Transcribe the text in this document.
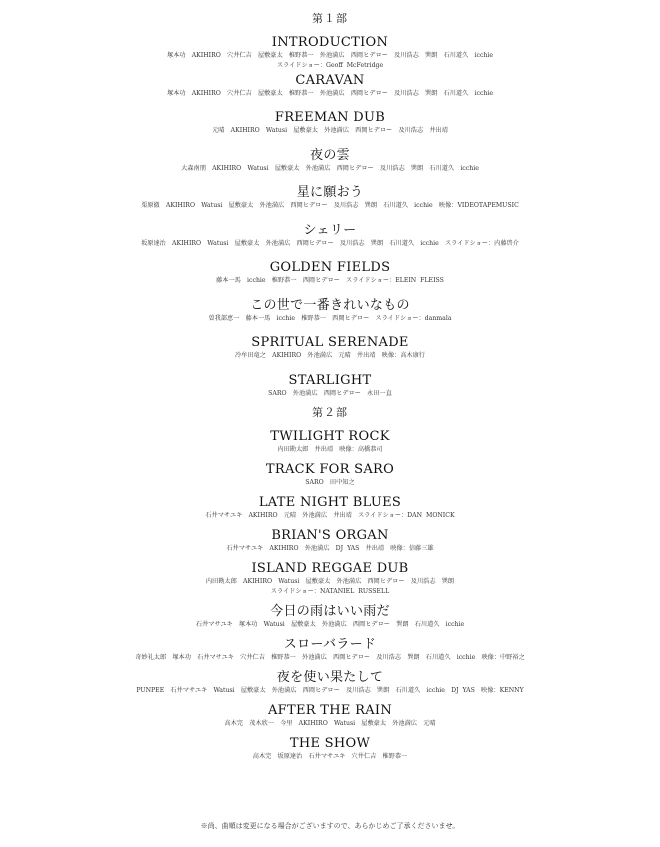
第１部

INTRODUCTION
塚本功　AKIHIRO　穴井仁吉　屋敷豪太　椎野恭一　外池満広　西岡ヒデロー　及川浩志　巽朗　石川道久　icchie
スライドショー：Geoff McFetridge
CARAVAN
塚本功　AKIHIRO　穴井仁吉　屋敷豪太　椎野恭一　外池満広　西岡ヒデロー　及川浩志　巽朗　石川道久　icchie
FREEMAN DUB
元晴　AKIHIRO　Watusi　屋敷豪太　外池満広　西岡ヒデロー　及川浩志　井出靖
夜の雲
大森南朋　AKIHIRO　Watusi　屋敷豪太　外池満広　西岡ヒデロー　及川浩志　巽朗　石川道久　icchie
星に願おう
栗原徹　AKIHIRO　Watusi　屋敷豪太　外池満広　西岡ヒデロー　及川浩志　巽朗　石川道久　icchie　映像：VIDEOTAPEMUSIC
シェリー
坂原達治　AKIHIRO　Watusi　屋敷豪太　外池満広　西岡ヒデロー　及川浩志　巽朗　石川道久　icchie　スライドショー：内藤啓介
GOLDEN FIELDS
藤本一馬　icchie　椎野恭一　西岡ヒデロー　スライドショー：ELEIN FLEISS
この世で一番きれいなもの
曽我部恵一　藤本一馬　icchie　椎野恭一　西岡ヒデロー　スライドショー：danmala
SPRITUAL SERENADE
冷牟田竜之　AKIHIRO　外池満広　元晴　井出靖　映像：高木康行
STARLIGHT
SARO　外池満広　西岡ヒデロー　永田一直

第２部

TWILIGHT ROCK
内田勘太郎　井出靖　映像：高橋恭司
TRACK FOR SARO
SARO　田中知之
LATE NIGHT BLUES
石井マサユキ　AKIHIRO　元晴　外池満広　井出靖　スライドショー：DAN MONICK
BRIAN'S ORGAN
石井マサユキ　AKIHIRO　外池満広　DJ YAS　井出靖　映像：信藤三雄
ISLAND REGGAE DUB
内田勘太郎　AKIHIRO　Watusi　屋敷豪太　外池満広　西岡ヒデロー　及川浩志　巽朗
スライドショー：NATANIEL RUSSELL
今日の雨はいい雨だ
石井マサユキ　塚本功　Watusi　屋敷豪太　外池満広　西岡ヒデロー　巽朗　石川道久　icchie
スローバラード
奇妙礼太郎　塚本功　石井マサユキ　穴井仁吉　椎野恭一　外池満広　西岡ヒデロー　及川浩志　巽朗　石川道久　icchie　映像：中野裕之
夜を使い果たして
PUNPEE　石井マサユキ　Watusi　屋敷豪太　外池満広　西岡ヒデロー　及川浩志　巽朗　石川道久　icchie　DJ YAS　映像：KENNY
AFTER THE RAIN
高木完　茂木欣一　今里　AKIHIRO　Watusi　屋敷豪太　外池満広　元晴
THE SHOW
高木完　坂原達治　石井マサユキ　穴井仁吉　椎野恭一
※尚、曲順は変更になる場合がございますので、あらかじめご了承くださいませ。
